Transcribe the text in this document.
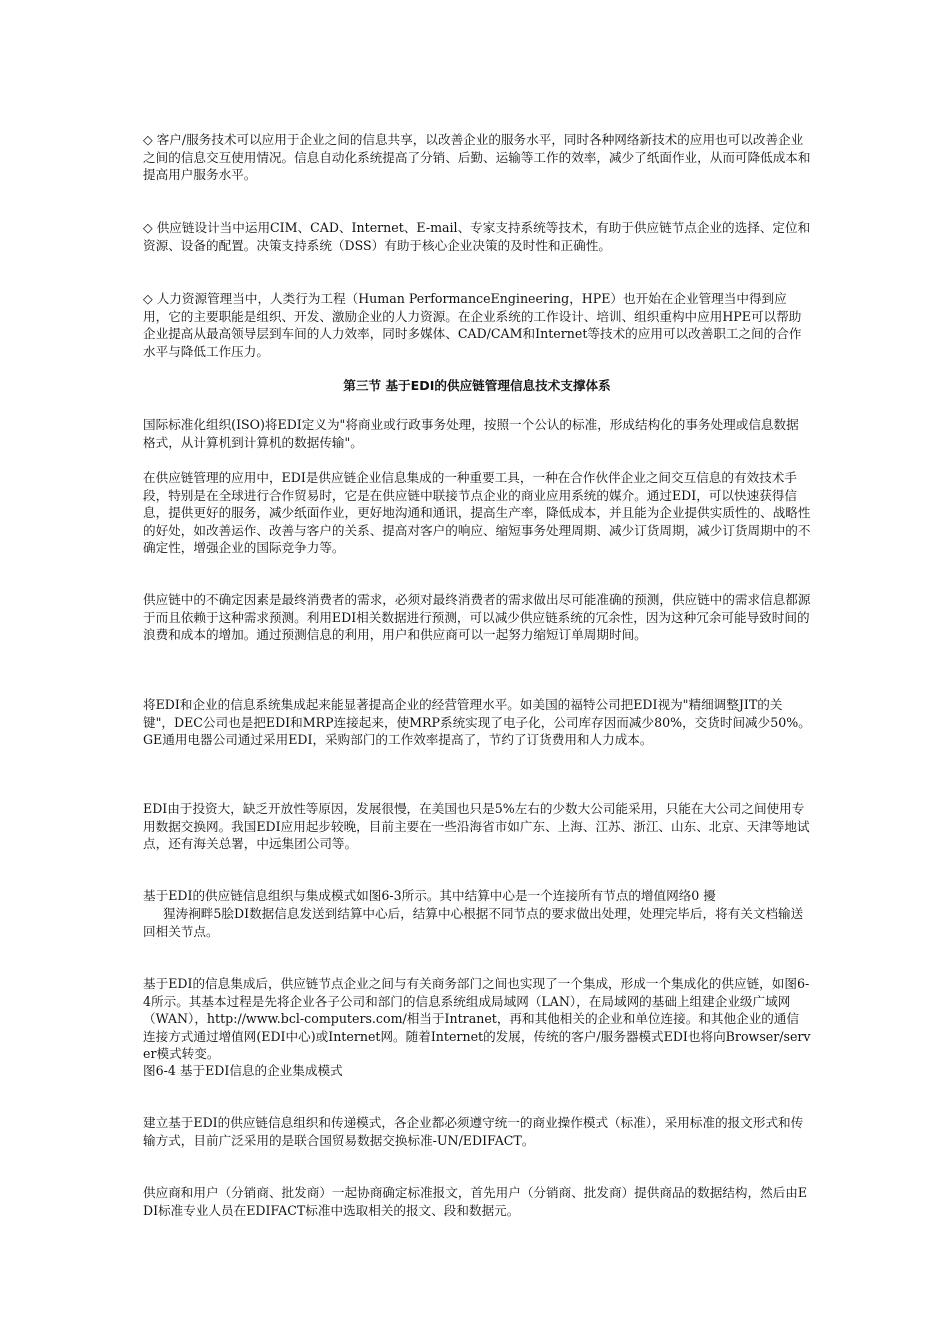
◇ 客户/服务技术可以应用于企业之间的信息共享，以改善企业的服务水平，同时各种网络新技术的应用也可以改善企业之间的信息交互使用情况。信息自动化系统提高了分销、后勤、运输等工作的效率，减少了纸面作业，从而可降低成本和提高用户服务水平。

◇ 供应链设计当中运用CIM、CAD、Internet、E-mail、专家支持系统等技术，有助于供应链节点企业的选择、定位和资源、设备的配置。决策支持系统（DSS）有助于核心企业决策的及时性和正确性。

◇ 人力资源管理当中，人类行为工程（Human PerformanceEngineering，HPE）也开始在企业管理当中得到应用，它的主要职能是组织、开发、激励企业的人力资源。在企业系统的工作设计、培训、组织重构中应用HPE可以帮助企业提高从最高领导层到车间的人力效率，同时多媒体、CAD/CAM和Internet等技术的应用可以改善职工之间的合作水平与降低工作压力。

第三节 基于EDI的供应链管理信息技术支撑体系

国际标准化组织(ISO)将EDI定义为"将商业或行政事务处理，按照一个公认的标准，形成结构化的事务处理或信息数据格式，从计算机到计算机的数据传输"。

在供应链管理的应用中，EDI是供应链企业信息集成的一种重要工具，一种在合作伙伴企业之间交互信息的有效技术手段，特别是在全球进行合作贸易时，它是在供应链中联接节点企业的商业应用系统的媒介。通过EDI，可以快速获得信息，提供更好的服务，减少纸面作业，更好地沟通和通讯，提高生产率，降低成本，并且能为企业提供实质性的、战略性的好处，如改善运作、改善与客户的关系、提高对客户的响应、缩短事务处理周期、减少订货周期，减少订货周期中的不确定性，增强企业的国际竞争力等。

供应链中的不确定因素是最终消费者的需求，必须对最终消费者的需求做出尽可能准确的预测，供应链中的需求信息都源于而且依赖于这种需求预测。利用EDI相关数据进行预测，可以减少供应链系统的冗余性，因为这种冗余可能导致时间的浪费和成本的增加。通过预测信息的利用，用户和供应商可以一起努力缩短订单周期时间。

将EDI和企业的信息系统集成起来能显著提高企业的经营管理水平。如美国的福特公司把EDI视为"精细调整JIT的关键"，DEC公司也是把EDI和MRP连接起来，使MRP系统实现了电子化，公司库存因而减少80%，交货时间减少50%。GE通用电器公司通过采用EDI，采购部门的工作效率提高了，节约了订货费用和人力成本。

EDI由于投资大，缺乏开放性等原因，发展很慢，在美国也只是5%左右的少数大公司能采用，只能在大公司之间使用专用数据交换网。我国EDI应用起步较晚，目前主要在一些沿海省市如广东、上海、江苏、浙江、山东、北京、天津等地试点，还有海关总署，中远集团公司等。

基于EDI的供应链信息组织与集成模式如图6-3所示。其中结算中心是一个连接所有节点的增值网络0 擾

猩涛裥畔5脍DI数据信息发送到结算中心后，结算中心根据不同节点的要求做出处理，处理完毕后，将有关文档输送回相关节点。

基于EDI的信息集成后，供应链节点企业之间与有关商务部门之间也实现了一个集成，形成一个集成化的供应链，如图6-4所示。其基本过程是先将企业各子公司和部门的信息系统组成局域网（LAN），在局域网的基础上组建企业级广域网（WAN），http://www.bcl-computers.com/相当于Intranet，再和其他相关的企业和单位连接。和其他企业的通信连接方式通过增值网(EDI中心)或Internet网。随着Internet的发展，传统的客户/服务器模式EDI也将向Browser/server模式转变。

图6-4 基于EDI信息的企业集成模式

建立基于EDI的供应链信息组织和传递模式，各企业都必须遵守统一的商业操作模式（标准），采用标准的报文形式和传输方式，目前广泛采用的是联合国贸易数据交换标准-UN/EDIFACT。

供应商和用户（分销商、批发商）一起协商确定标准报文，首先用户（分销商、批发商）提供商品的数据结构，然后由EDI标准专业人员在EDIFACT标准中选取相关的报文、段和数据元。
